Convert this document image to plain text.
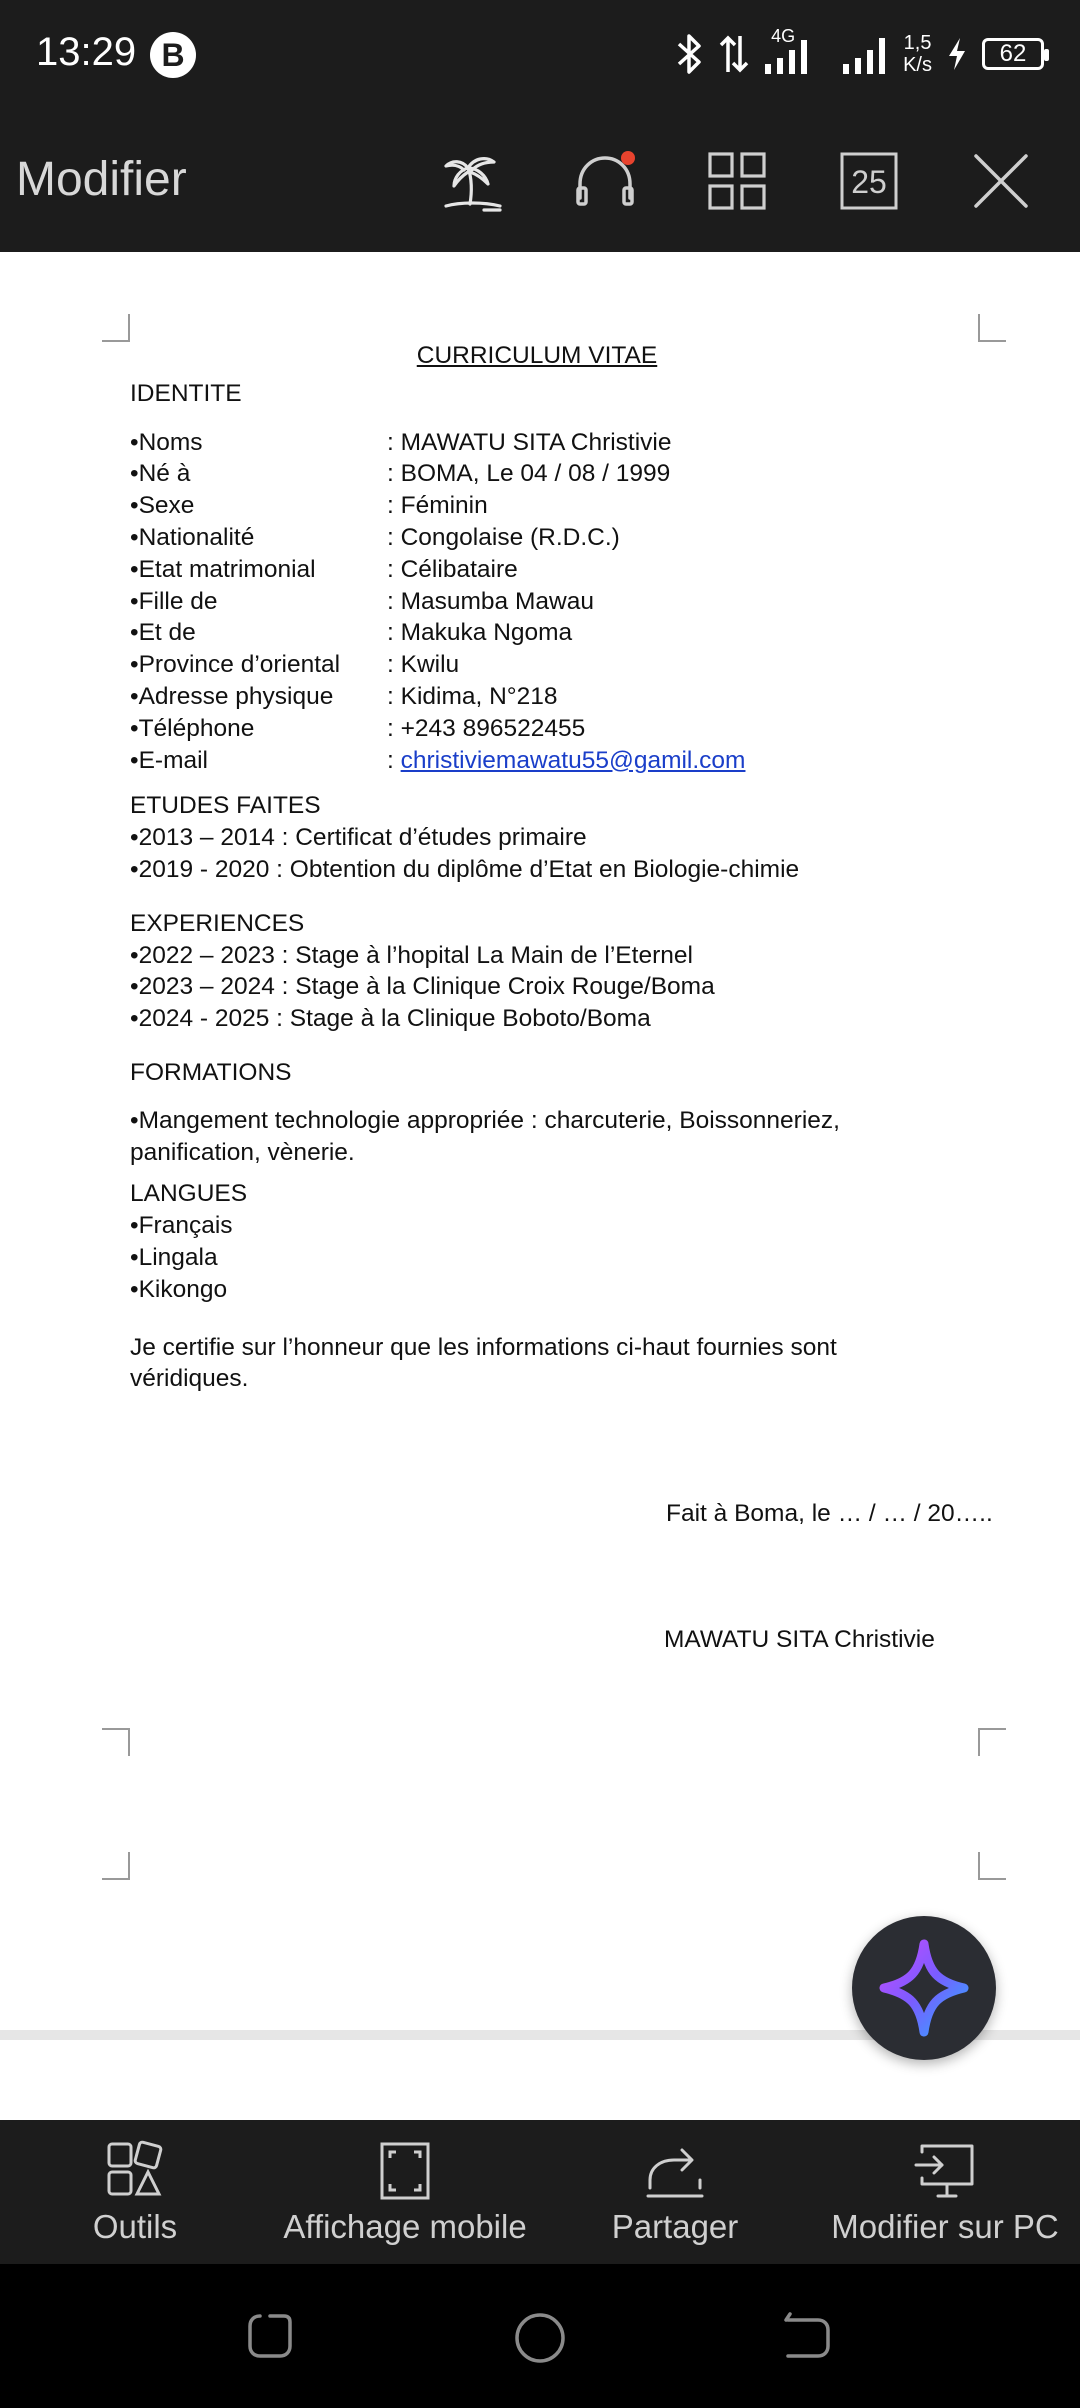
13:29 B
4G	1,5
K/s	62
Modifier	25
CURRICULUM VITAE
IDENTITE
• Noms	: MAWATU SITA Christivie
• Né à	: BOMA, Le 04 / 08 / 1999
• Sexe	: Féminin
• Nationalité	: Congolaise (R.D.C.)
• Etat matrimonial	: Célibataire
• Fille de	: Masumba Mawau
• Et de	: Makuka Ngoma
• Province d’oriental	: Kwilu
• Adresse physique	: Kidima, N°218
• Téléphone	: +243 896522455
• E-mail	: christiviemawatu55@gamil.com
ETUDES FAITES
• 2013 – 2014 : Certificat d’études primaire
• 2019 - 2020 : Obtention du diplôme d’Etat en Biologie-chimie
EXPERIENCES
• 2022 – 2023 : Stage à l’hopital La Main de l’Eternel
• 2023 – 2024 : Stage à la Clinique Croix Rouge/Boma
• 2024 - 2025 : Stage à la Clinique Boboto/Boma
FORMATIONS
• Mangement technologie appropriée : charcuterie, Boissonneriez,
panification, vènerie.
LANGUES
• Français
• Lingala
• Kikongo
Je certifie sur l’honneur que les informations ci-haut fournies sont
véridiques.
Fait à Boma, le … / … / 20…..
MAWATU SITA Christivie
Outils	Affichage mobile	Partager	Modifier sur PC
